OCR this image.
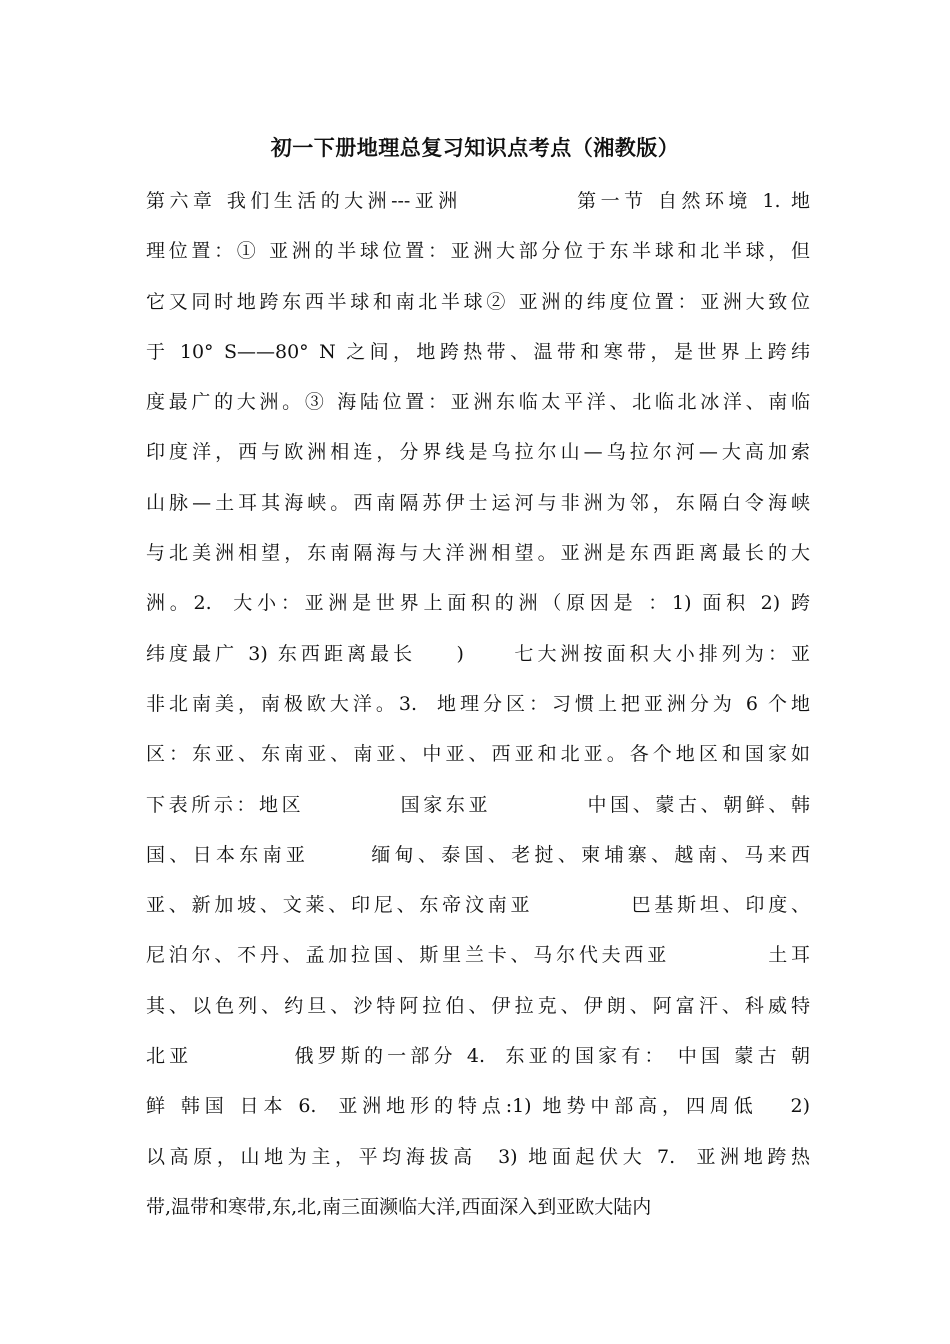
初一下册地理总复习知识点考点（湘教版）
第六章 我们生活的大洲---亚洲           第一节 自然环境 1. 地
理位置：① 亚洲的半球位置：亚洲大部分位于东半球和北半球，但
它又同时地跨东西半球和南北半球② 亚洲的纬度位置：亚洲大致位
于 10° S——80° N 之间，地跨热带、温带和寒带，是世界上跨纬
度最广的大洲。③ 海陆位置：亚洲东临太平洋、北临北冰洋、南临
印度洋，西与欧洲相连，分界线是乌拉尔山—乌拉尔河—大高加索
山脉—土耳其海峡。西南隔苏伊士运河与非洲为邻，东隔白令海峡
与北美洲相望，东南隔海与大洋洲相望。亚洲是东西距离最长的大
洲。2.  大小：亚洲是世界上面积的洲（原因是 ：1) 面积 2) 跨
纬度最广 3) 东西距离最长    )     七大洲按面积大小排列为：亚
非北南美，南极欧大洋。3.  地理分区：习惯上把亚洲分为 6 个地
区：东亚、东南亚、南亚、中亚、西亚和北亚。各个地区和国家如
下表所示：地区          国家东亚          中国、蒙古、朝鲜、韩
国、日本东南亚      缅甸、泰国、老挝、柬埔寨、越南、马来西
亚、新加坡、文莱、印尼、东帝汶南亚          巴基斯坦、印度、
尼泊尔、不丹、孟加拉国、斯里兰卡、马尔代夫西亚          土耳
其、以色列、约旦、沙特阿拉伯、伊拉克、伊朗、阿富汗、科威特
北亚          俄罗斯的一部分 4.  东亚的国家有： 中国 蒙古 朝
鲜 韩国 日本 6.  亚洲地形的特点:1) 地势中部高，四周低   2)
以高原，山地为主，平均海拔高  3) 地面起伏大 7.  亚洲地跨热
带,温带和寒带,东,北,南三面濒临大洋,西面深入到亚欧大陆内
